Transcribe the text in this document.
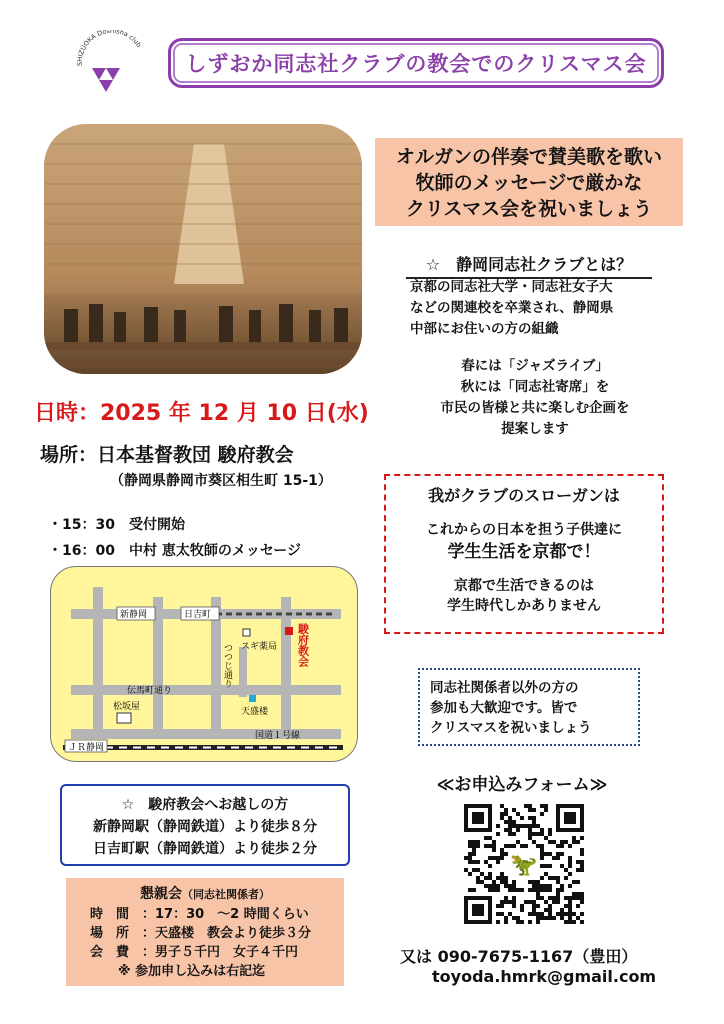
SHIZUOKA Doshisha club
しずおか同志社クラブの教会でのクリスマス会
オルガンの伴奏で賛美歌を歌い
牧師のメッセージで厳かな
クリスマス会を祝いましょう
☆　静岡同志社クラブとは？
京都の同志社大学・同志社女子大
などの関連校を卒業され、静岡県
中部にお住いの方の組織
春には「ジャズライブ」
秋には「同志社寄席」を
市民の皆様と共に楽しむ企画を
提案します
日時：2025 年 12 月 10 日(水)
場所：日本基督教団 駿府教会
（静岡県静岡市葵区相生町 15-1）
我がクラブのスローガンは
これからの日本を担う子供達に
学生生活を京都で！
京都で生活できるのは
学生時代しかありません
・15：30　受付開始
・16：00　中村 恵太牧師のメッセージ
新静岡	日吉町
スギ薬局 駿府教会
つつじ通り
伝馬町通り
松坂屋	天盛楼
国道１号線
ＪＲ静岡
☆　駿府教会へお越しの方
新静岡駅（静岡鉄道）より徒歩８分
日吉町駅（静岡鉄道）より徒歩２分
懇親会（同志社関係者）
時　間　：17：30　～2 時間くらい
場　所　：天盛楼　教会より徒歩３分
会　費　：男子５千円　女子４千円
※ 参加申し込みは右記迄
同志社関係者以外の方の
参加も大歓迎です。皆で
クリスマスを祝いましょう
≪お申込みフォーム≫
🦖
又は 090-7675-1167（豊田）
toyoda.hmrk@gmail.com
